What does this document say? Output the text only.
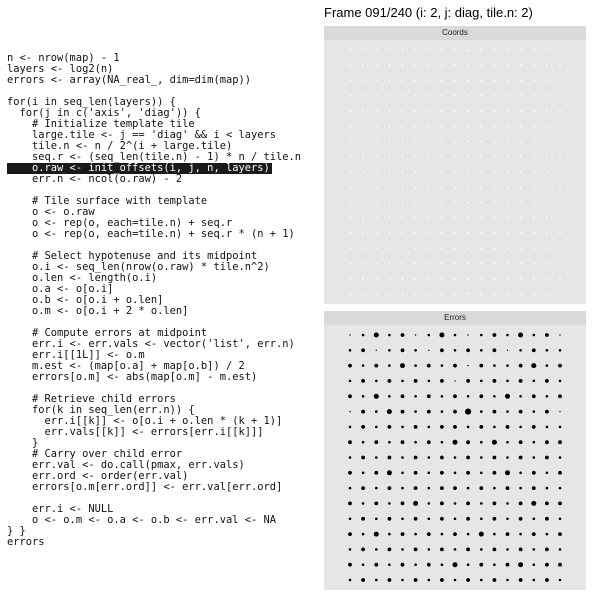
Frame 091/240 (i: 2, j: diag, tile.n: 2)
n <- nrow(map) - 1
layers <- log2(n)
errors <- array(NA_real_, dim=dim(map))
for(i in seq_len(layers)) {
for(j in c('axis', 'diag')) {
# Initialize template tile
large.tile <- j == 'diag' && i < layers
tile.n <- n / 2^(i + large.tile)
seq.r <- (seq_len(tile.n) - 1) * n / tile.n
o.raw <- init_offsets(i, j, n, layers)
err.n <- ncol(o.raw) - 2
# Tile surface with template
o <- o.raw
o <- rep(o, each=tile.n) + seq.r
o <- rep(o, each=tile.n) + seq.r * (n + 1)
# Select hypotenuse and its midpoint
o.i <- seq_len(nrow(o.raw) * tile.n^2)
o.len <- length(o.i)
o.a <- o[o.i]
o.b <- o[o.i + o.len]
o.m <- o[o.i + 2 * o.len]
# Compute errors at midpoint
err.i <- err.vals <- vector('list', err.n)
err.i[[1L]] <- o.m
m.est <- (map[o.a] + map[o.b]) / 2
errors[o.m] <- abs(map[o.m] - m.est)
# Retrieve child errors
for(k in seq_len(err.n)) {
err.i[[k]] <- o[o.i + o.len * (k + 1)]
err.vals[[k]] <- errors[err.i[[k]]]
}
# Carry over child error
err.val <- do.call(pmax, err.vals)
err.ord <- order(err.val)
errors[o.m[err.ord]] <- err.val[err.ord]
err.i <- NULL
o <- o.m <- o.a <- o.b <- err.val <- NA
} }
errors
Coords
Errors
